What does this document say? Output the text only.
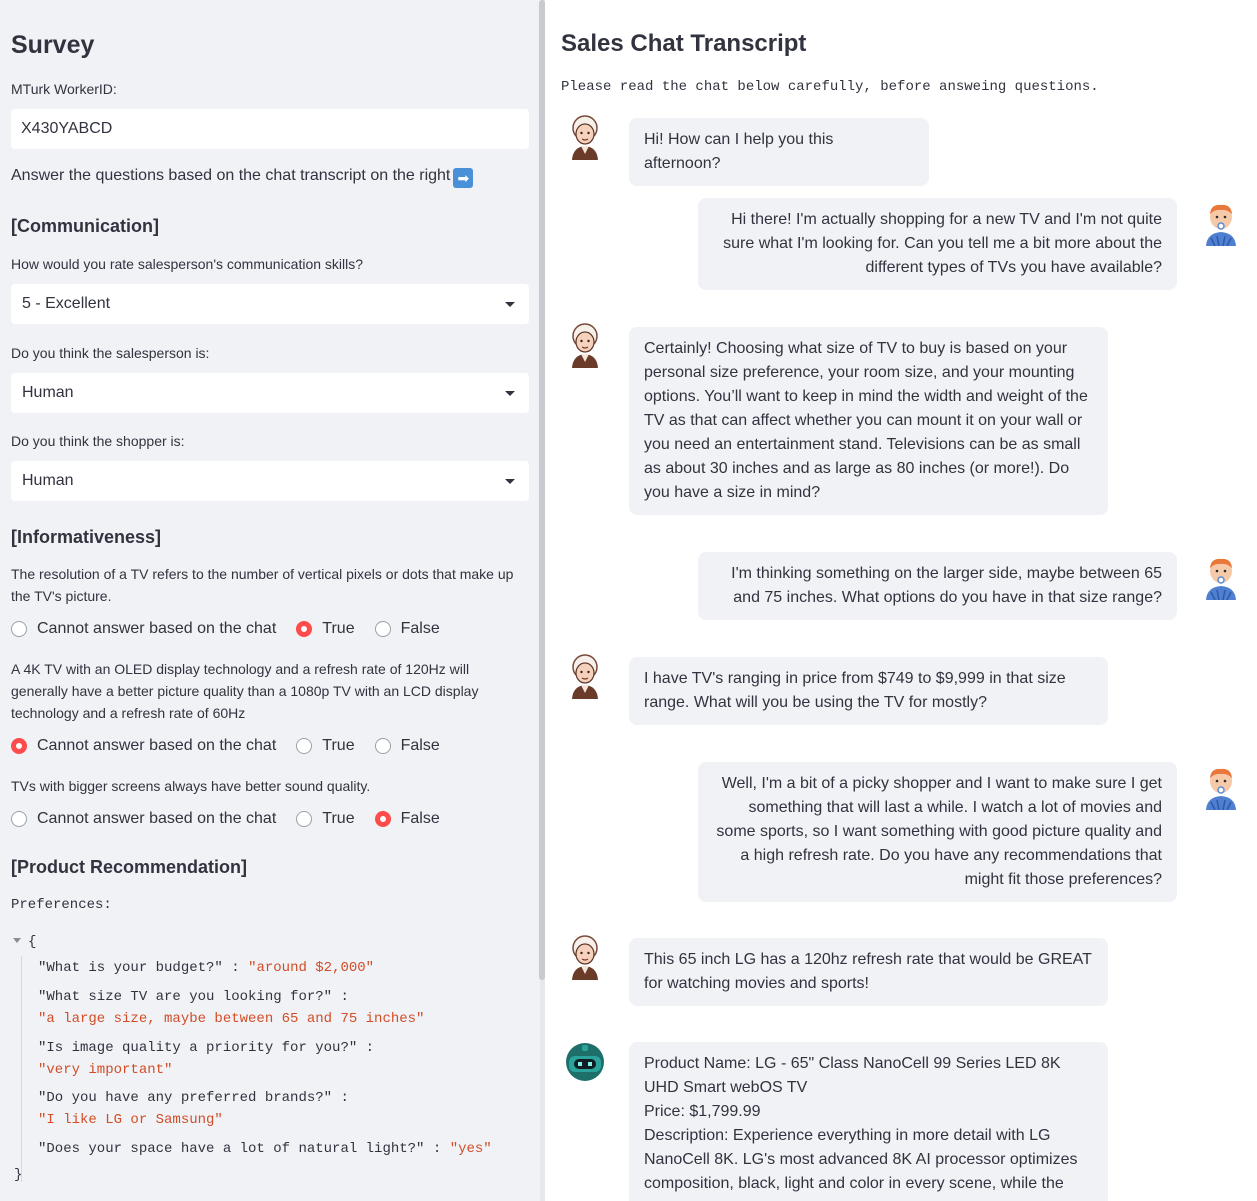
Survey
MTurk WorkerID:
X430YABCD
Answer the questions based on the chat transcript on the right ➡
[Communication]
How would you rate salesperson's communication skills?
5 - Excellent
Do you think the salesperson is:
Human
Do you think the shopper is:
Human
[Informativeness]
The resolution of a TV refers to the number of vertical pixels or dots that make up the TV's picture.
Cannot answer based on the chat	True	False
A 4K TV with an OLED display technology and a refresh rate of 120Hz will generally have a better picture quality than a 1080p TV with an LCD display technology and a refresh rate of 60Hz
Cannot answer based on the chat	True	False
TVs with bigger screens always have better sound quality.
Cannot answer based on the chat	True	False
[Product Recommendation]
Preferences:
{
"What is your budget?" : "around $2,000"
"What size TV are you looking for?" :
"a large size, maybe between 65 and 75 inches"
"Is image quality a priority for you?" :
"very important"
"Do you have any preferred brands?" :
"I like LG or Samsung"
"Does your space have a lot of natural light?" : "yes"
}
Sales Chat Transcript
Please read the chat below carefully, before answeing questions.
Hi! How can I help you this afternoon?
Hi there! I'm actually shopping for a new TV and I'm not quite sure what I'm looking for. Can you tell me a bit more about the different types of TVs you have available?
Certainly! Choosing what size of TV to buy is based on your personal size preference, your room size, and your mounting options. You’ll want to keep in mind the width and weight of the TV as that can affect whether you can mount it on your wall or you need an entertainment stand. Televisions can be as small as about 30 inches and as large as 80 inches (or more!). Do you have a size in mind?
I'm thinking something on the larger side, maybe between 65 and 75 inches. What options do you have in that size range?
I have TV's ranging in price from $749 to $9,999 in that size range. What will you be using the TV for mostly?
Well, I'm a bit of a picky shopper and I want to make sure I get something that will last a while. I watch a lot of movies and some sports, so I want something with good picture quality and a high refresh rate. Do you have any recommendations that might fit those preferences?
This 65 inch LG has a 120hz refresh rate that would be GREAT for watching movies and sports!
Product Name: LG - 65" Class NanoCell 99 Series LED 8K UHD Smart webOS TV
Price: $1,799.99
Description: Experience everything in more detail with LG NanoCell 8K. LG's most advanced 8K AI processor optimizes composition, black, light and color in every scene, while the
